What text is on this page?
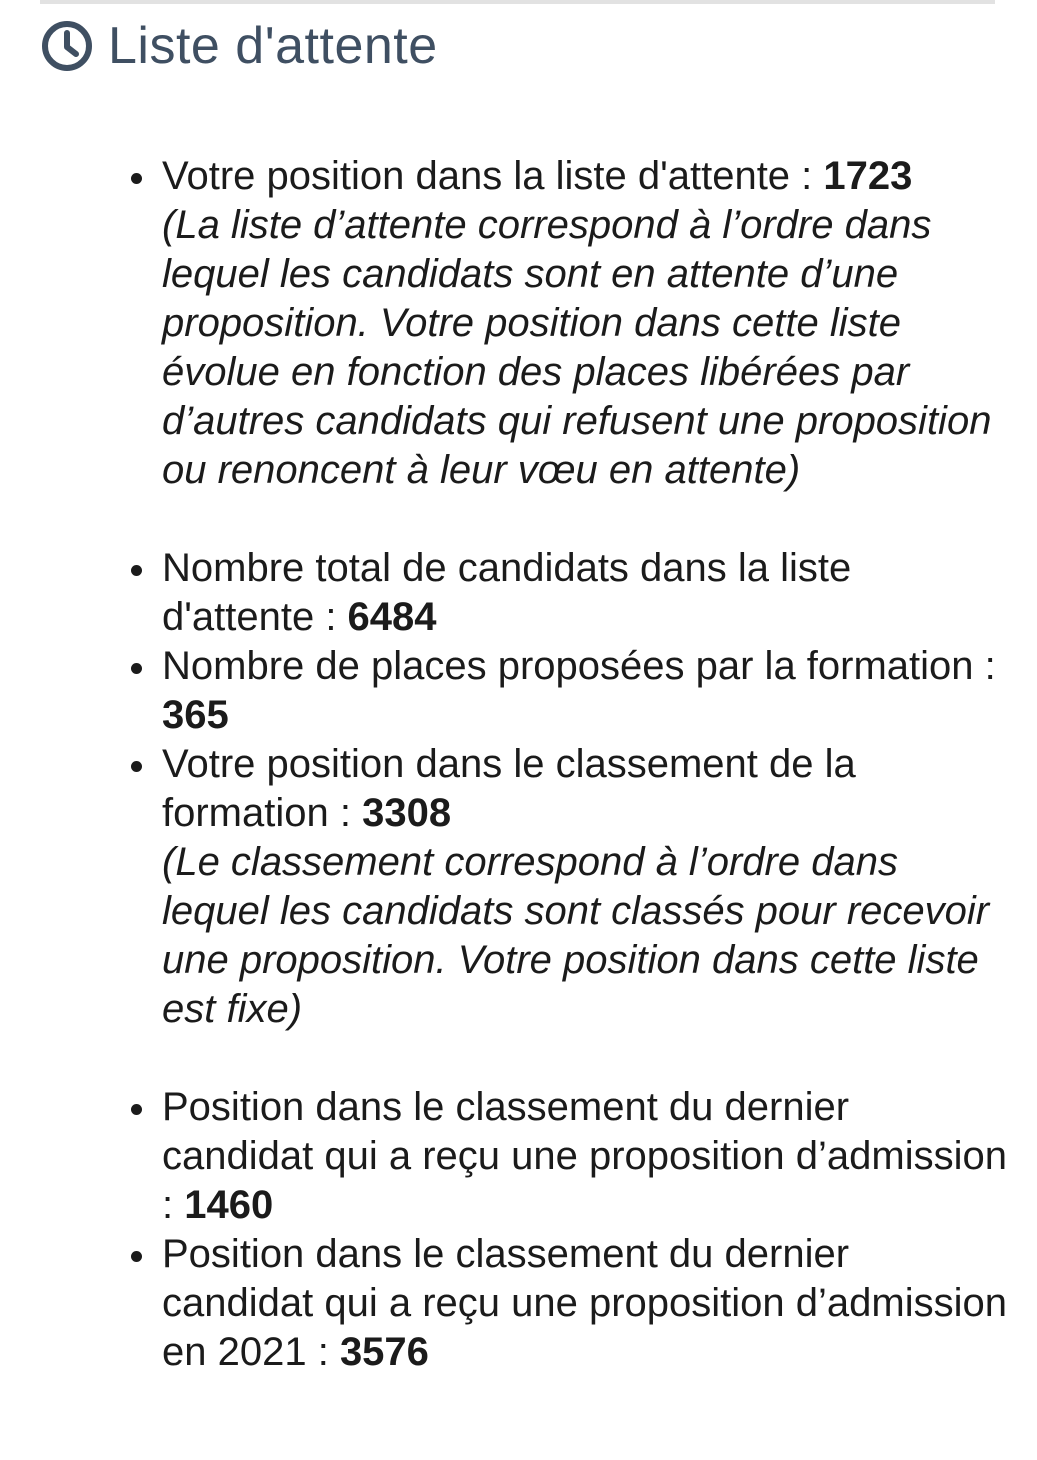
Liste d'attente
Votre position dans la liste d'attente : 1723
(La liste d’attente correspond à l’ordre dans lequel les candidats sont en attente d’une proposition. Votre position dans cette liste évolue en fonction des places libérées par d’autres candidats qui refusent une proposition ou renoncent à leur vœu en attente)
Nombre total de candidats dans la liste d'attente : 6484
Nombre de places proposées par la formation : 365
Votre position dans le classement de la formation : 3308
(Le classement correspond à l’ordre dans lequel les candidats sont classés pour recevoir une proposition. Votre position dans cette liste est fixe)
Position dans le classement du dernier candidat qui a reçu une proposition d’admission : 1460
Position dans le classement du dernier candidat qui a reçu une proposition d’admission en 2021 : 3576
